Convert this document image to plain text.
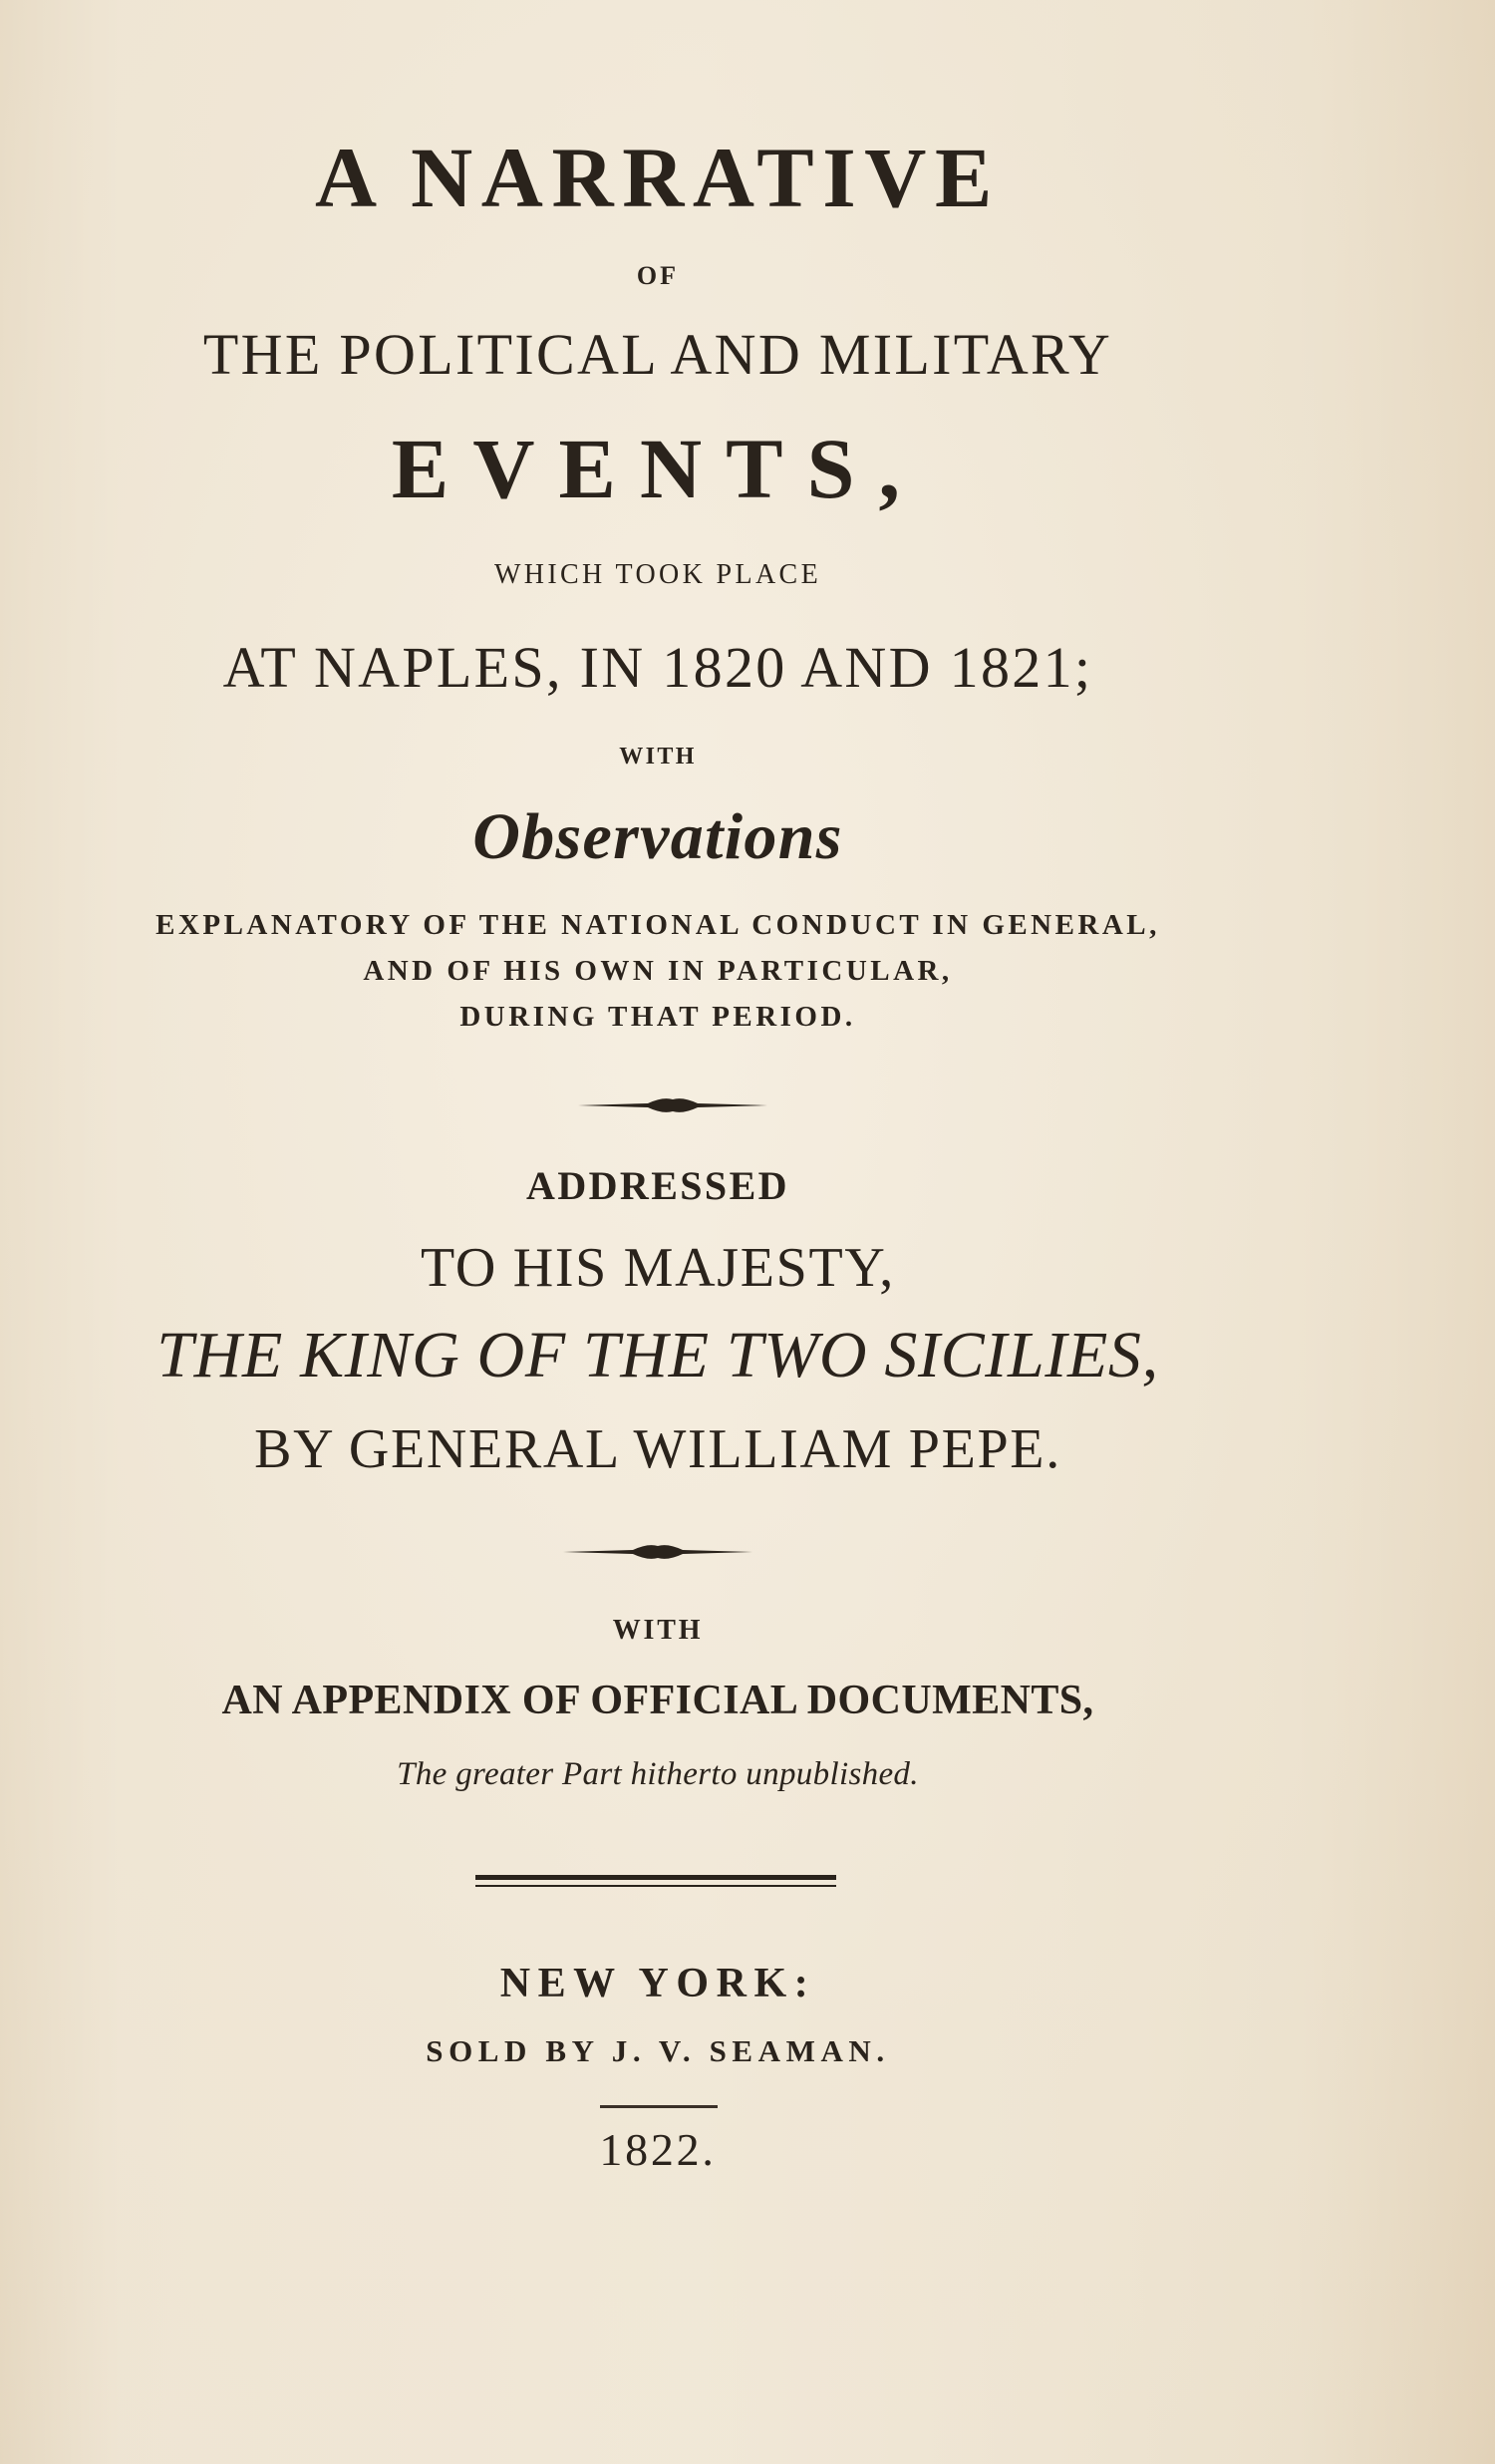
A NARRATIVE
OF
THE POLITICAL AND MILITARY
EVENTS,
WHICH TOOK PLACE
AT NAPLES, IN 1820 AND 1821;
WITH
Observations
EXPLANATORY OF THE NATIONAL CONDUCT IN GENERAL,
AND OF HIS OWN IN PARTICULAR,
DURING THAT PERIOD.
ADDRESSED
TO HIS MAJESTY,
THE KING OF THE TWO SICILIES,
BY GENERAL WILLIAM PEPE.
WITH
AN APPENDIX OF OFFICIAL DOCUMENTS,
The greater Part hitherto unpublished.
NEW YORK:
SOLD BY J. V. SEAMAN.
1822.
